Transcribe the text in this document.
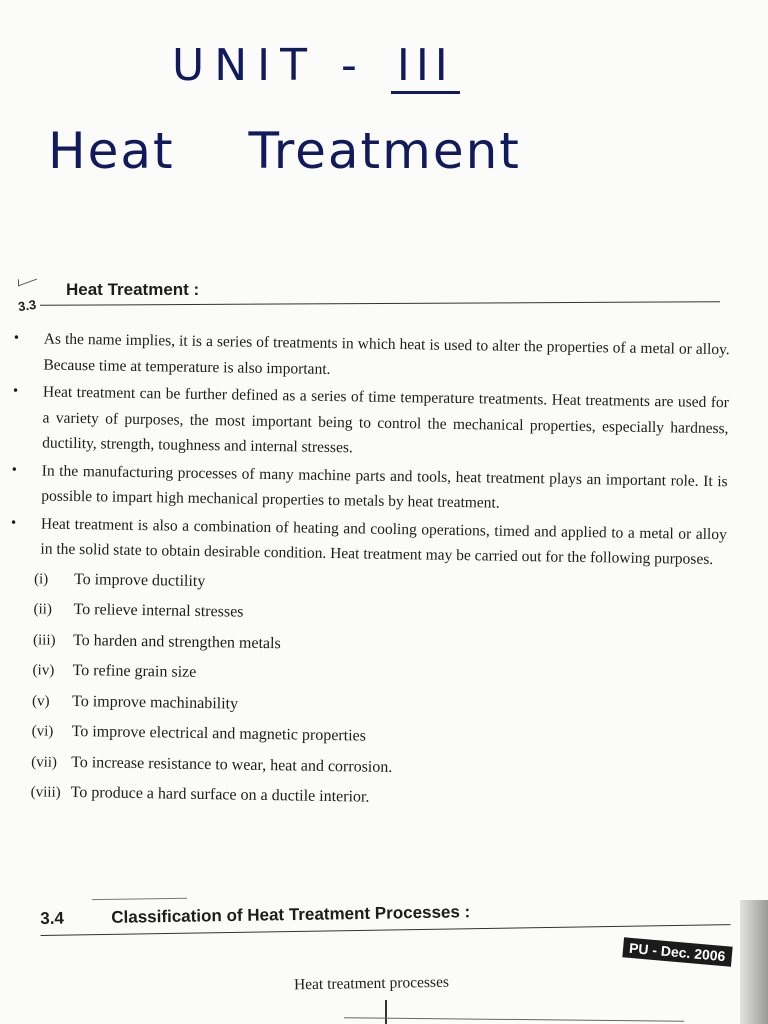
UNIT - III
Heat Treatment
3.3
Heat Treatment :
• As the name implies, it is a series of treatments in which heat is used to alter the properties of a metal or alloy. Because time at temperature is also important.
• Heat treatment can be further defined as a series of time temperature treatments. Heat treatments are used for a variety of purposes, the most important being to control the mechanical properties, especially hardness, ductility, strength, toughness and internal stresses.
• In the manufacturing processes of many machine parts and tools, heat treatment plays an important role. It is possible to impart high mechanical properties to metals by heat treatment.
• Heat treatment is also a combination of heating and cooling operations, timed and applied to a metal or alloy in the solid state to obtain desirable condition. Heat treatment may be carried out for the following purposes.
(i)	To improve ductility
(ii)	To relieve internal stresses
(iii)	To harden and strengthen metals
(iv)	To refine grain size
(v)	To improve machinability
(vi)	To improve electrical and magnetic properties
(vii) To increase resistance to wear, heat and corrosion.
(viii) To produce a hard surface on a ductile interior.
3.4	Classification of Heat Treatment Processes :
PU - Dec. 2006
Heat treatment processes
